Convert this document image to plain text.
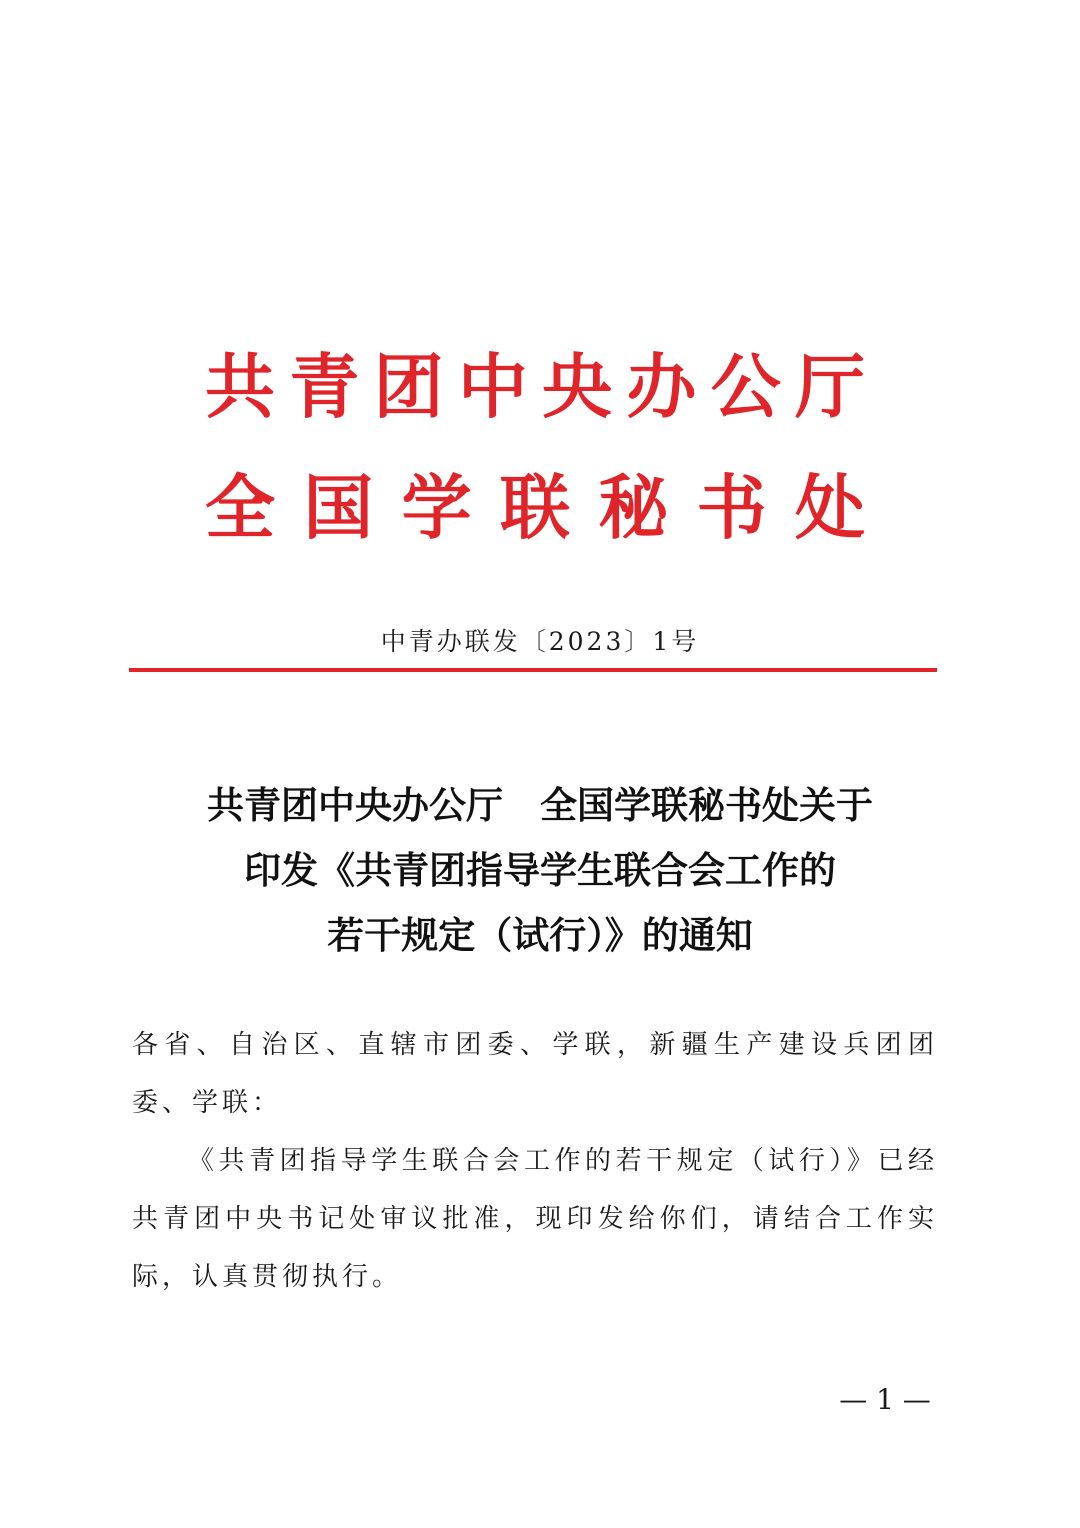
共青团中央办公厅
全国学联秘书处
中青办联发〔2023〕1号
共青团中央办公厅　全国学联秘书处关于
印发《共青团指导学生联合会工作的
若干规定（试行）》的通知
各省、自治区、直辖市团委、学联，新疆生产建设兵团团委、学联：
《共青团指导学生联合会工作的若干规定（试行）》已经共青团中央书记处审议批准，现印发给你们，请结合工作实际，认真贯彻执行。
— 1 —
